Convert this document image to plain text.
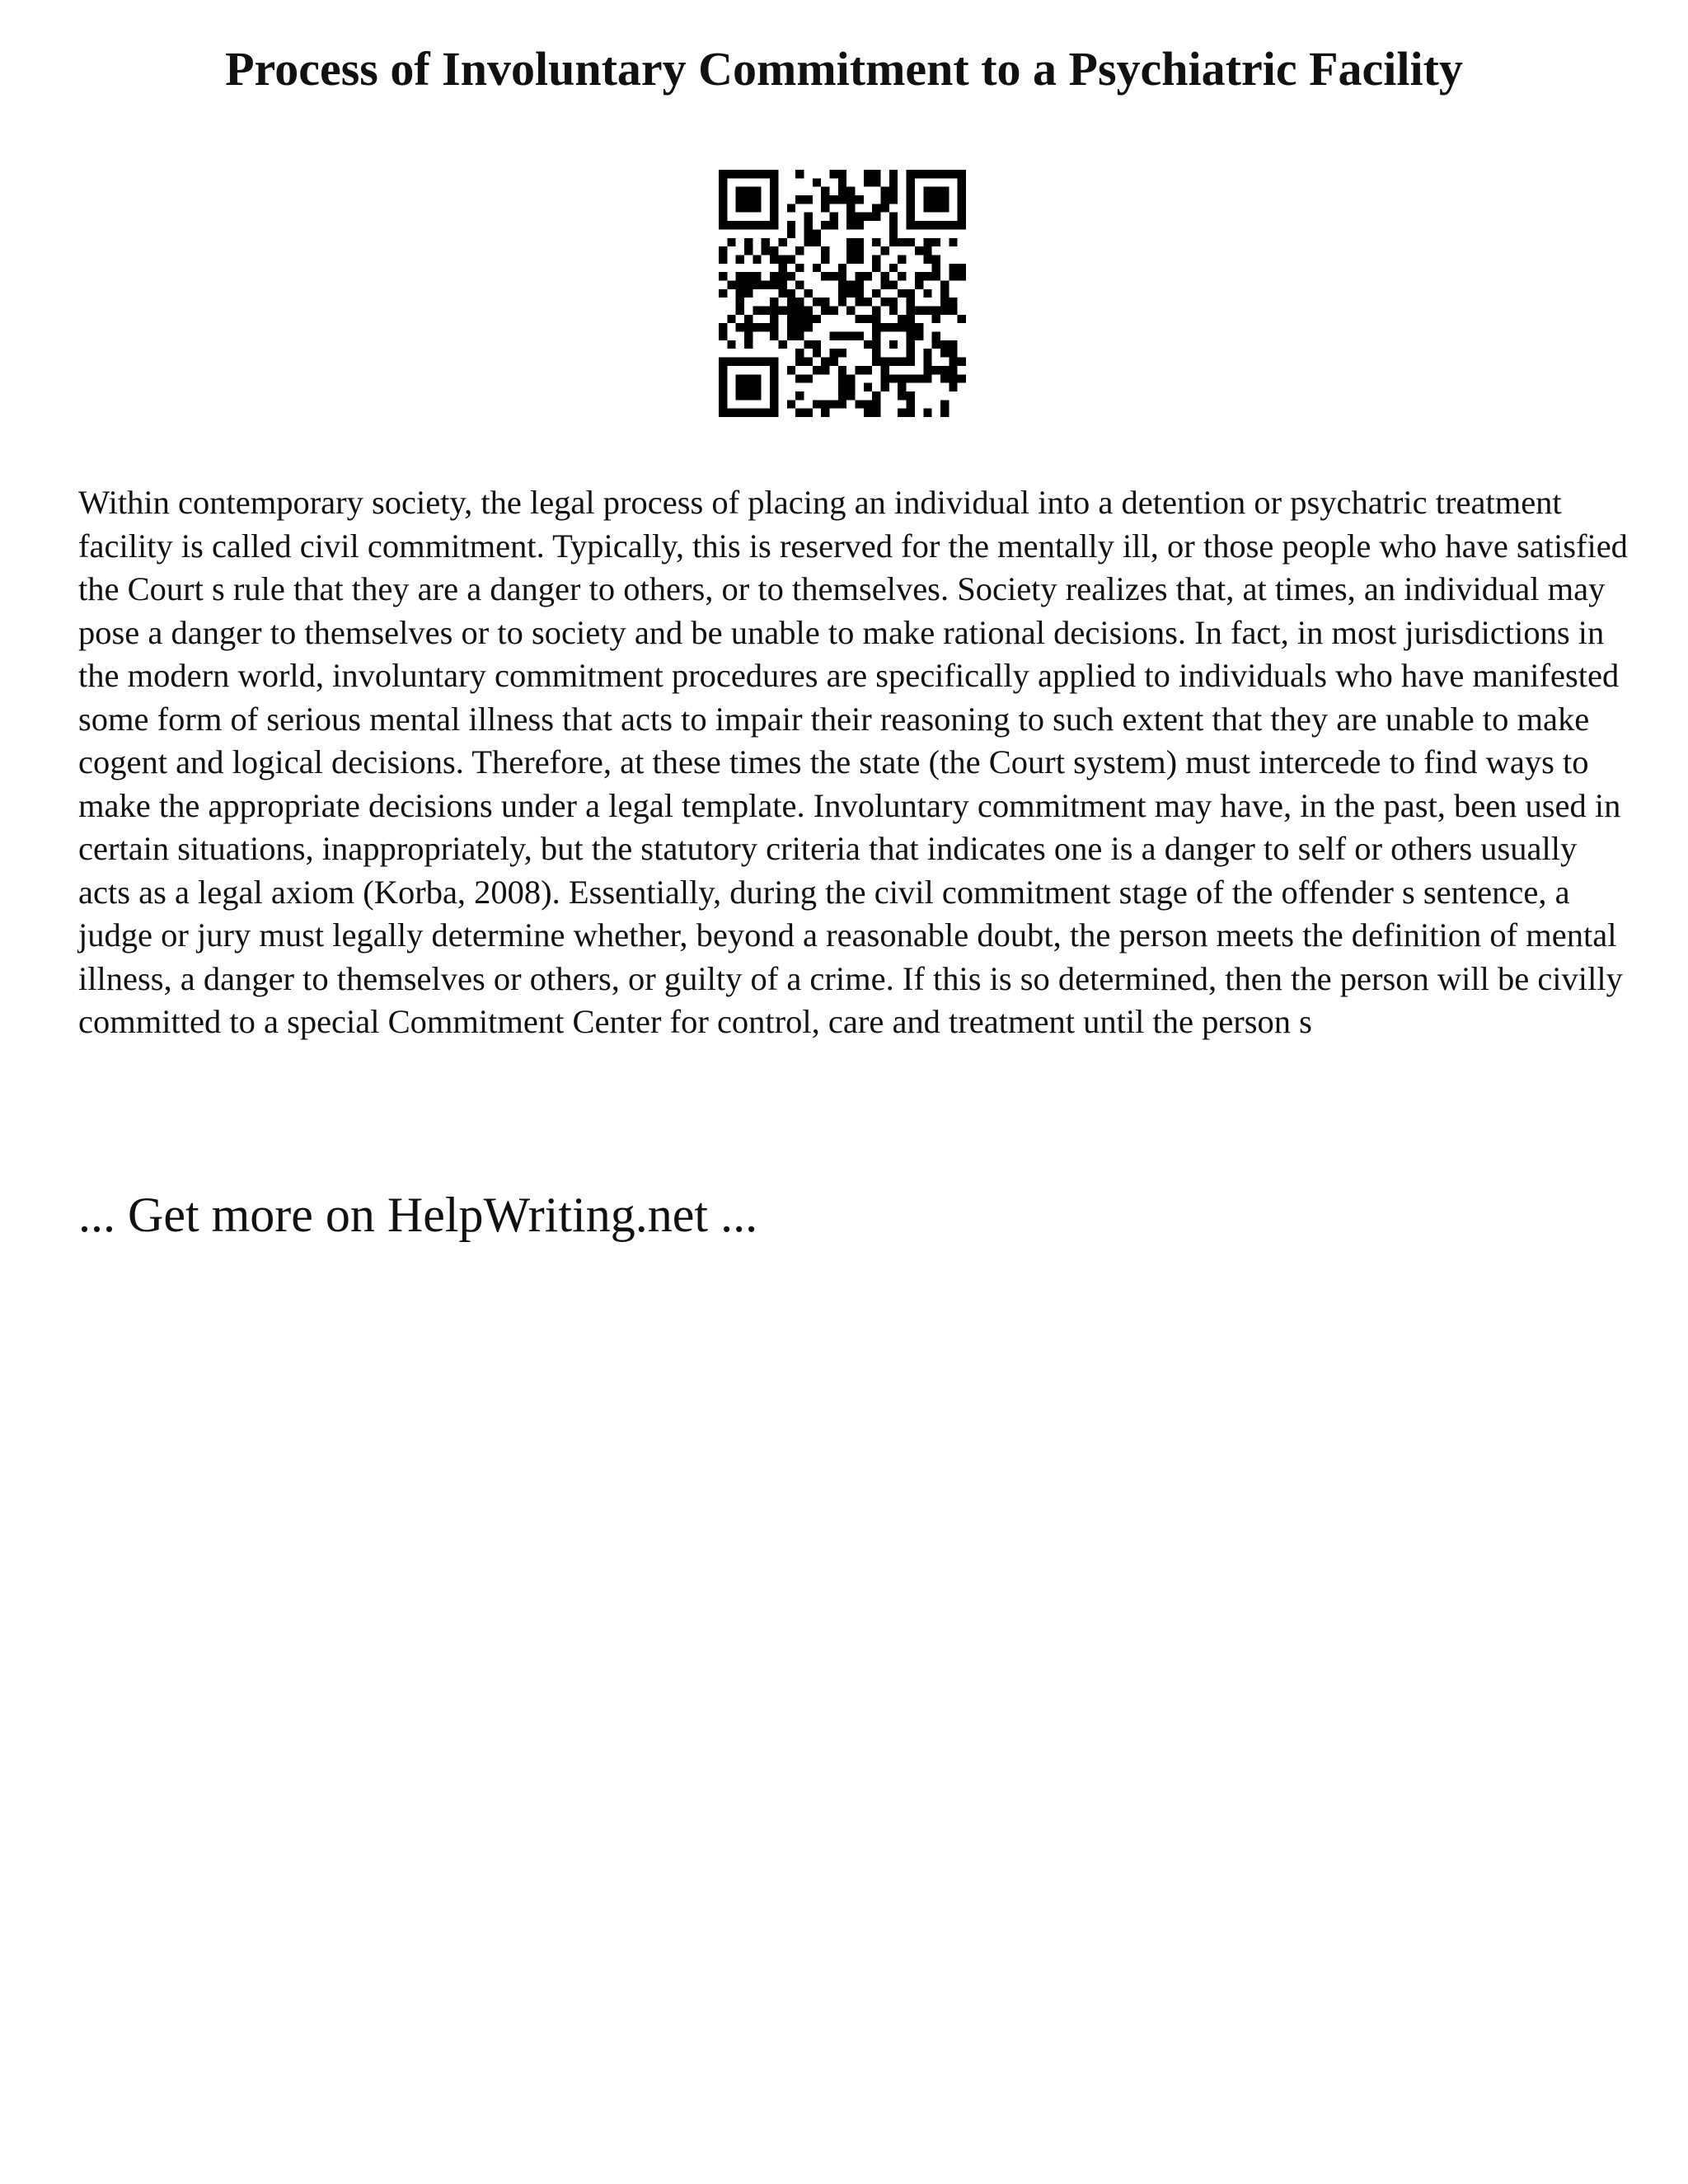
Process of Involuntary Commitment to a Psychiatric Facility

Within contemporary society, the legal process of placing an individual into a detention or psychatric treatment facility is called civil commitment. Typically, this is reserved for the mentally ill, or those people who have satisfied the Court s rule that they are a danger to others, or to themselves. Society realizes that, at times, an individual may pose a danger to themselves or to society and be unable to make rational decisions. In fact, in most jurisdictions in the modern world, involuntary commitment procedures are specifically applied to individuals who have manifested some form of serious mental illness that acts to impair their reasoning to such extent that they are unable to make cogent and logical decisions. Therefore, at these times the state (the Court system) must intercede to find ways to make the appropriate decisions under a legal template. Involuntary commitment may have, in the past, been used in certain situations, inappropriately, but the statutory criteria that indicates one is a danger to self or others usually acts as a legal axiom (Korba, 2008). Essentially, during the civil commitment stage of the offender s sentence, a judge or jury must legally determine whether, beyond a reasonable doubt, the person meets the definition of mental illness, a danger to themselves or others, or guilty of a crime. If this is so determined, then the person will be civilly committed to a special Commitment Center for control, care and treatment until the person s

... Get more on HelpWriting.net ...
